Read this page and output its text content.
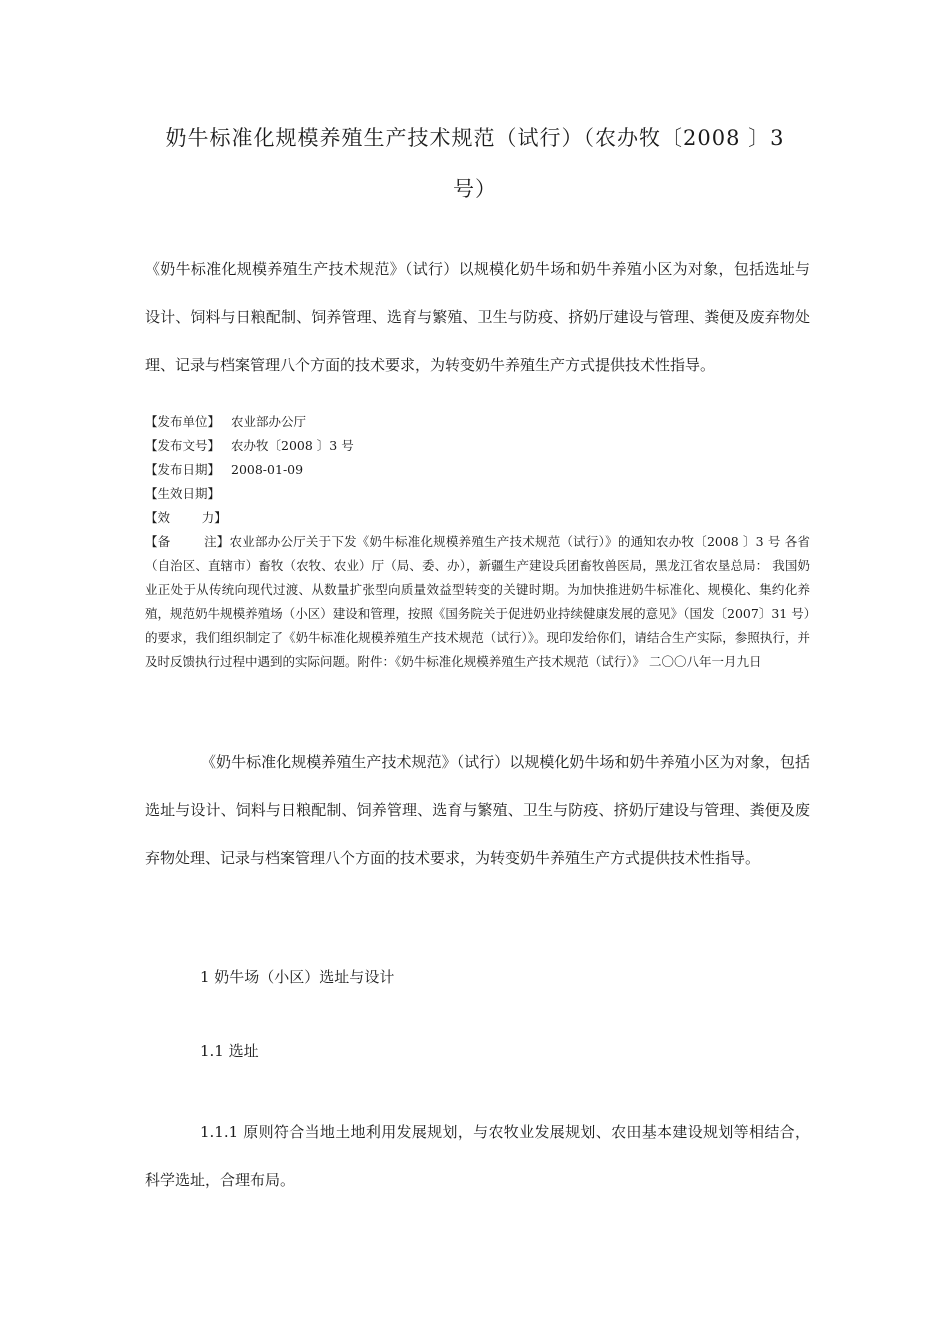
奶牛标准化规模养殖生产技术规范（试行）（农办牧〔2008 〕3
号）

《奶牛标准化规模养殖生产技术规范》（试行）以规模化奶牛场和奶牛养殖小区为对象，包括选址与设计、饲料与日粮配制、饲养管理、选育与繁殖、卫生与防疫、挤奶厅建设与管理、粪便及废弃物处理、记录与档案管理八个方面的技术要求，为转变奶牛养殖生产方式提供技术性指导。

【发布单位】 农业部办公厅
【发布文号】 农办牧〔2008 〕3 号
【发布日期】 2008-01-09
【生效日期】
【效        力】
【备        注】农业部办公厅关于下发《奶牛标准化规模养殖生产技术规范（试行）》的通知农办牧〔2008 〕3 号 各省（自治区、直辖市）畜牧（农牧、农业）厅（局、委、办），新疆生产建设兵团畜牧兽医局，黑龙江省农垦总局： 我国奶业正处于从传统向现代过渡、从数量扩张型向质量效益型转变的关键时期。为加快推进奶牛标准化、规模化、集约化养殖，规范奶牛规模养殖场（小区）建设和管理，按照《国务院关于促进奶业持续健康发展的意见》（国发〔2007〕31 号）的要求，我们组织制定了《奶牛标准化规模养殖生产技术规范（试行）》。现印发给你们，请结合生产实际，参照执行，并及时反馈执行过程中遇到的实际问题。附件：《奶牛标准化规模养殖生产技术规范（试行）》 二〇〇八年一月九日

《奶牛标准化规模养殖生产技术规范》（试行）以规模化奶牛场和奶牛养殖小区为对象，包括选址与设计、饲料与日粮配制、饲养管理、选育与繁殖、卫生与防疫、挤奶厅建设与管理、粪便及废弃物处理、记录与档案管理八个方面的技术要求，为转变奶牛养殖生产方式提供技术性指导。

1 奶牛场（小区）选址与设计

1.1 选址

1.1.1 原则符合当地土地利用发展规划，与农牧业发展规划、农田基本建设规划等相结合，科学选址，合理布局。
